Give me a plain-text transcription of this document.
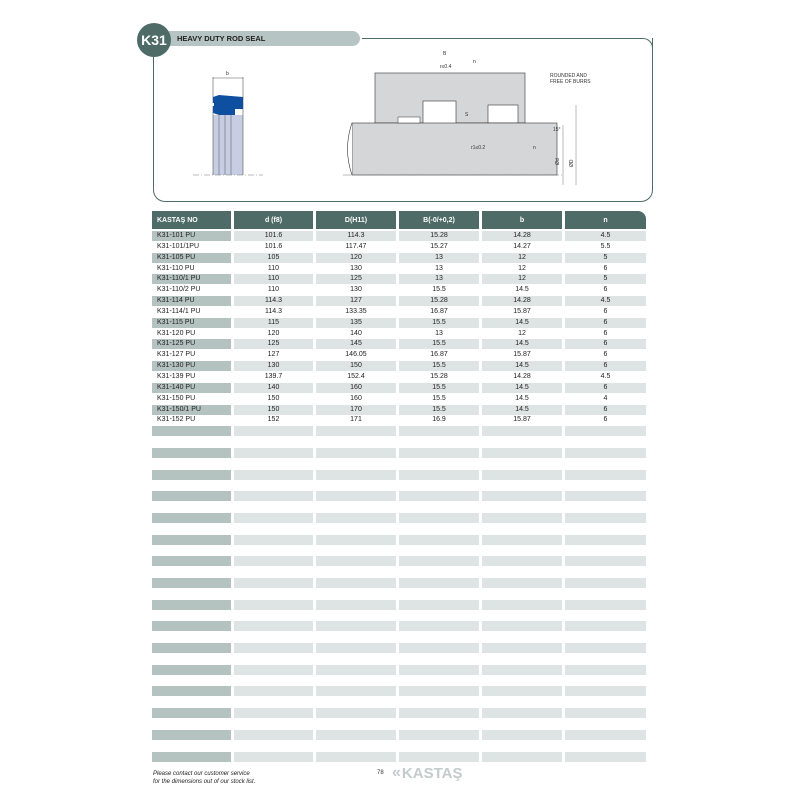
K31	HEAVY DUTY ROD SEAL
b
B
n
r≤0.4
S
r1≤0.2	n
ROUNDED AND
FREE OF BURRS
15°
Ød ØD
KASTAŞ NO	d (f8)	D(H11)	B(-0/+0,2)	b	n
K31-101 PU	101.6	114.3	15.28	14.28	4.5
K31-101/1PU	101.6	117.47	15.27	14.27	5.5
K31-105 PU	105	120	13	12	5
K31-110 PU	110	130	13	12	6
K31-110/1 PU	110	125	13	12	5
K31-110/2 PU	110	130	15.5	14.5	6
K31-114 PU	114.3	127	15.28	14.28	4.5
K31-114/1 PU	114.3	133.35	16.87	15.87	6
K31-115 PU	115	135	15.5	14.5	6
K31-120 PU	120	140	13	12	6
K31-125 PU	125	145	15.5	14.5	6
K31-127 PU	127	146.05	16.87	15.87	6
K31-130 PU	130	150	15.5	14.5	6
K31-139 PU	139.7	152.4	15.28	14.28	4.5
K31-140 PU	140	160	15.5	14.5	6
K31-150 PU	150	160	15.5	14.5	4
K31-150/1 PU	150	170	15.5	14.5	6
K31-152 PU	152	171	16.9	15.87	6
Please contact our customer service
for the dimensions out of our stock list.
78 « KASTAŞ
